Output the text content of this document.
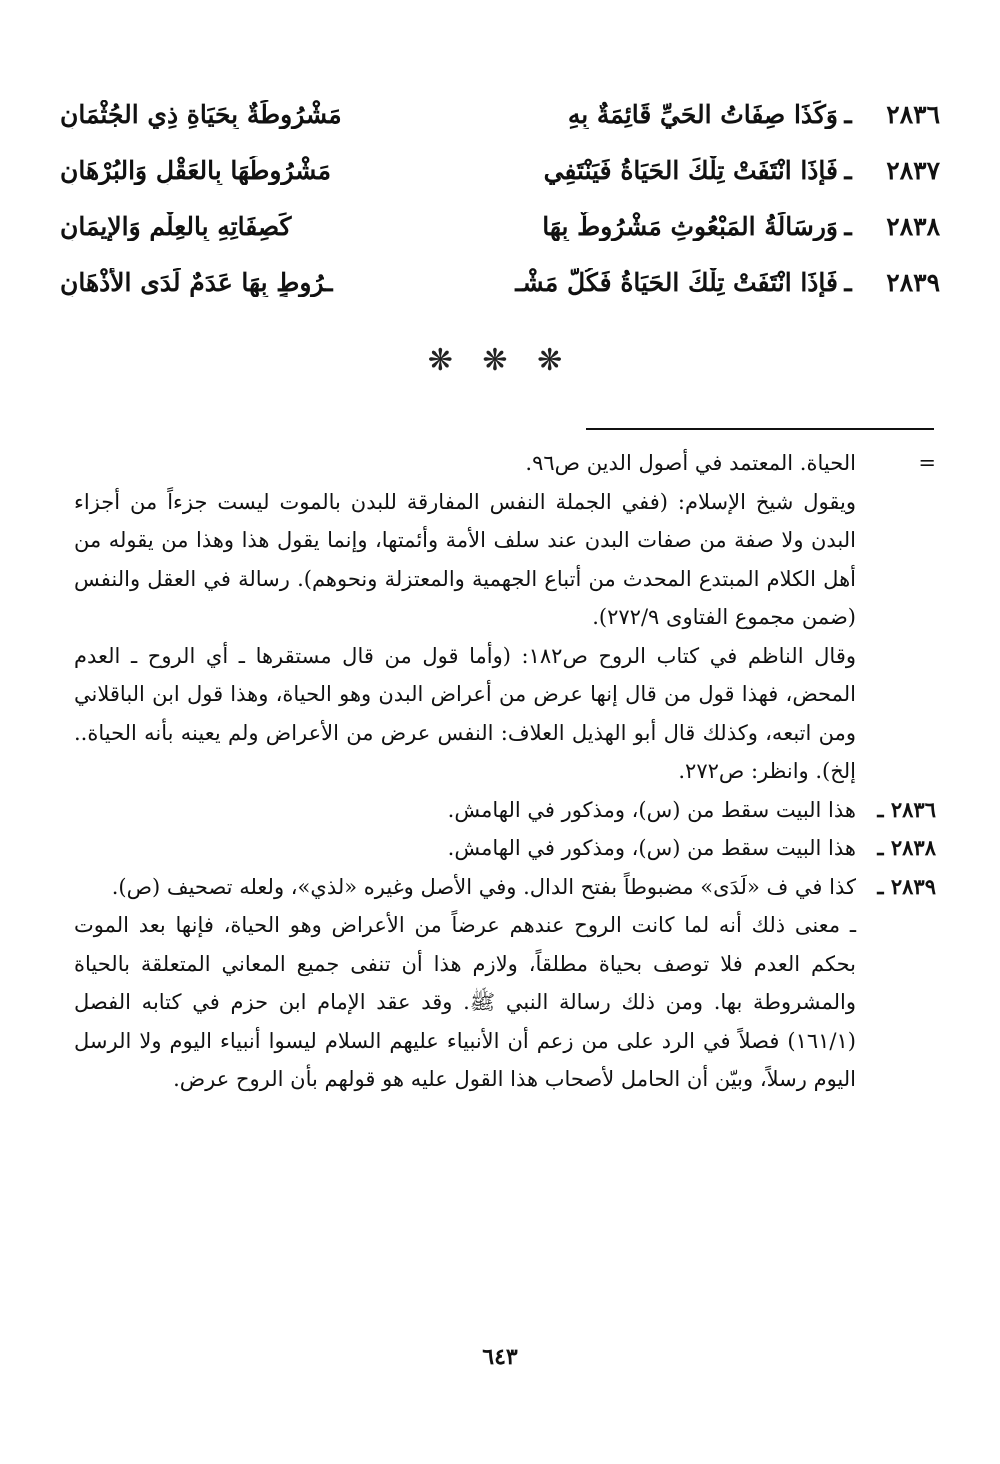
٢٨٣٦
ـ
وَكَذَا صِفَاتُ الحَيِّ قَائِمَةٌ بِهِ
مَشْرُوطَةٌ بِحَيَاةِ ذِي الجُثْمَانِ
٢٨٣٧
ـ
فَإِذَا انْتَفَتْ تِلْكَ الحَيَاةُ فَيَنْتَفِي
مَشْرُوطُهَا بِالعَقْلِ وَالبُرْهَانِ
٢٨٣٨
ـ
وَرِسَالَةُ المَبْعُوثِ مَشْرُوطٌ بِهَا
كَصِفَاتِهِ بِالعِلْمِ وَالإِيمَانِ
٢٨٣٩
ـ
فَإِذَا انْتَفَتْ تِلْكَ الحَيَاةُ فَكُلُّ مَشْـ
ـرُوطٍ بِهَا عَدَمٌ لَدَى الأَذْهَانِ
❋ ❋ ❋
=
الحياة. المعتمد في أصول الدين ص٩٦.
ويقول شيخ الإسلام: (ففي الجملة النفس المفارقة للبدن بالموت ليست جزءاً من أجزاء البدن ولا صفة من صفات البدن عند سلف الأمة وأئمتها، وإنما يقول هذا وهذا من يقوله من أهل الكلام المبتدع المحدث من أتباع الجهمية والمعتزلة ونحوهم). رسالة في العقل والنفس (ضمن مجموع الفتاوى ٢٧٢/٩).
وقال الناظم في كتاب الروح ص١٨٢: (وأما قول من قال مستقرها ـ أي الروح ـ العدم المحض، فهذا قول من قال إنها عرض من أعراض البدن وهو الحياة، وهذا قول ابن الباقلاني ومن اتبعه، وكذلك قال أبو الهذيل العلاف: النفس عرض من الأعراض ولم يعينه بأنه الحياة.. إلخ). وانظر: ص٢٧٢.
٢٨٣٦ ـ
هذا البيت سقط من (س)، ومذكور في الهامش.
٢٨٣٨ ـ
هذا البيت سقط من (س)، ومذكور في الهامش.
٢٨٣٩ ـ
كذا في ف «لَدَى» مضبوطاً بفتح الدال. وفي الأصل وغيره «لذي»، ولعله تصحيف (ص).
ـ معنى ذلك أنه لما كانت الروح عندهم عرضاً من الأعراض وهو الحياة، فإنها بعد الموت بحكم العدم فلا توصف بحياة مطلقاً، ولازم هذا أن تنفى جميع المعاني المتعلقة بالحياة والمشروطة بها. ومن ذلك رسالة النبي ﷺ. وقد عقد الإمام ابن حزم في كتابه الفصل (١٦١/١) فصلاً في الرد على من زعم أن الأنبياء عليهم السلام ليسوا أنبياء اليوم ولا الرسل اليوم رسلاً، وبيّن أن الحامل لأصحاب هذا القول عليه هو قولهم بأن الروح عرض.
٦٤٣
